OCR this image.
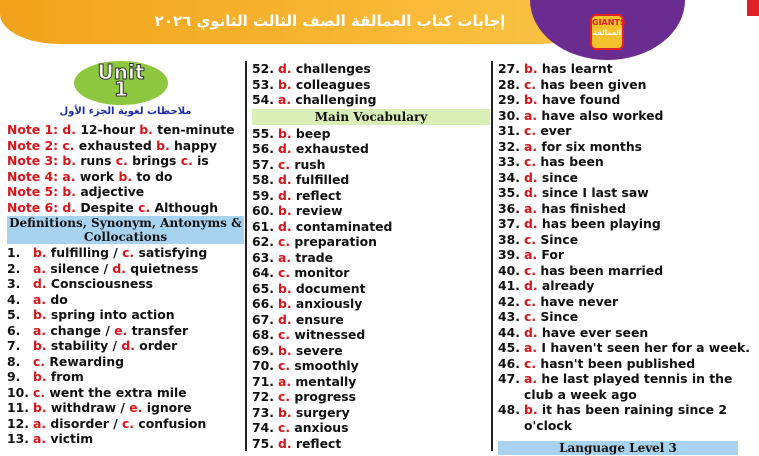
إجابات كتاب العمالقة الصف الثالث الثانوي ٢٠٢٦	GIANTS
العمالقة
Unit
1
ملاحظات لغوية الجزء الأول
Note 1: d. 12-hour b. ten-minute
Note 2: c. exhausted b. happy
Note 3: b. runs c. brings c. is
Note 4: a. work b. to do
Note 5: b. adjective
Note 6: d. Despite c. Although
Definitions, Synonym, Antonyms & Collocations
1.b. fulfilling / c. satisfying
2.a. silence / d. quietness
3.d. Consciousness
4.a. do
5.b. spring into action
6.a. change / e. transfer
7.b. stability / d. order
8.c. Rewarding
9.b. from
10.c. went the extra mile
11.b. withdraw / e. ignore
12.a. disorder / c. confusion
13.a. victim
52.d. challenges
53.b. colleagues
54.a. challenging
Main Vocabulary
55.b. beep
56.d. exhausted
57.c. rush
58.d. fulfilled
59.d. reflect
60.b. review
61.d. contaminated
62.c. preparation
63.a. trade
64.c. monitor
65.b. document
66.b. anxiously
67.d. ensure
68.c. witnessed
69.b. severe
70.c. smoothly
71.a. mentally
72.c. progress
73.b. surgery
74.c. anxious
75.d. reflect
27.b. has learnt
28.c. has been given
29.b. have found
30.a. have also worked
31.c. ever
32.a. for six months
33.c. has been
34.d. since
35.d. since I last saw
36.a. has finished
37.d. has been playing
38.c. Since
39.a. For
40.c. has been married
41.d. already
42.c. have never
43.c. Since
44.d. have ever seen
45.a. I haven't seen her for a week.
46.c. hasn't been published
47.a. he last played tennis in the
club a week ago
48.b. it has been raining since 2
o'clock
Language Level 3
